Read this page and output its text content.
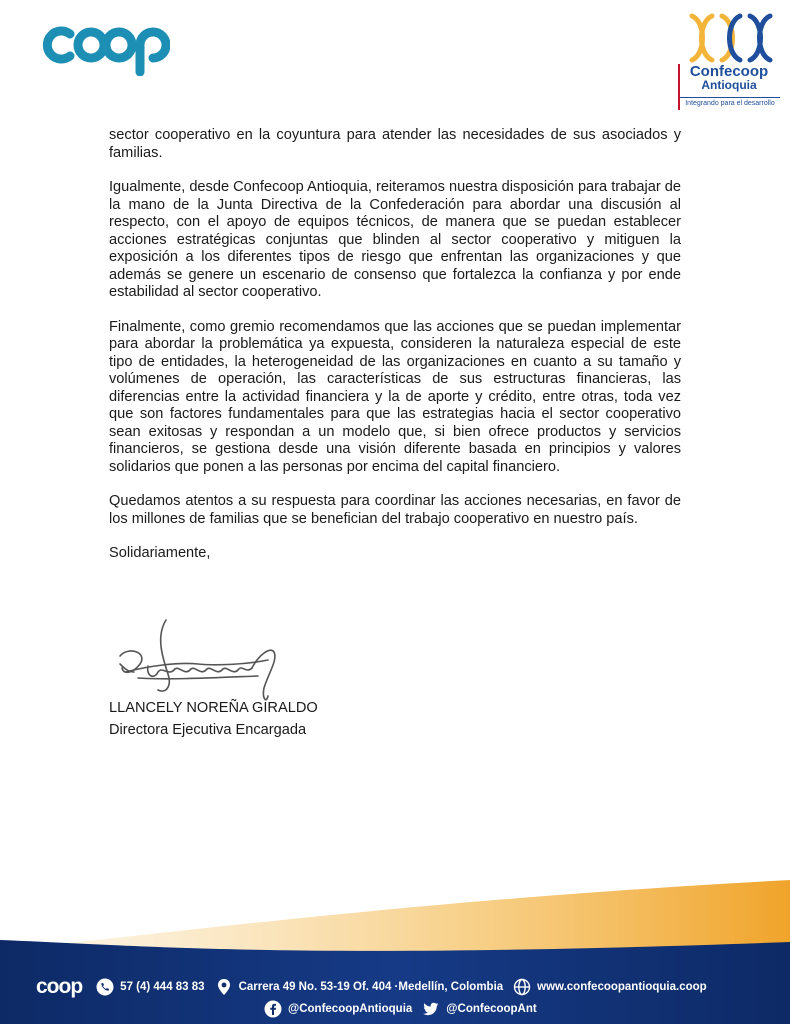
Confecoop
Antioquia
Integrando para el desarrollo

sector cooperativo en la coyuntura para atender las necesidades de sus asociados y familias.

Igualmente, desde Confecoop Antioquia, reiteramos nuestra disposición para trabajar de la mano de la Junta Directiva de la Confederación para abordar una discusión al respecto, con el apoyo de equipos técnicos, de manera que se puedan establecer acciones estratégicas conjuntas que blinden al sector cooperativo y mitiguen la exposición a los diferentes tipos de riesgo que enfrentan las organizaciones y que además se genere un escenario de consenso que fortalezca la confianza y por ende estabilidad al sector cooperativo.

Finalmente, como gremio recomendamos que las acciones que se puedan implementar para abordar la problemática ya expuesta, consideren la naturaleza especial de este tipo de entidades, la heterogeneidad de las organizaciones en cuanto a su tamaño y volúmenes de operación, las características de sus estructuras financieras, las diferencias entre la actividad financiera y la de aporte y crédito, entre otras, toda vez que son factores fundamentales para que las estrategias hacia el sector cooperativo sean exitosas y respondan a un modelo que, si bien ofrece productos y servicios financieros, se gestiona desde una visión diferente basada en principios y valores solidarios que ponen a las personas por encima del capital financiero.

Quedamos atentos a su respuesta para coordinar las acciones necesarias, en favor de los millones de familias que se benefician del trabajo cooperativo en nuestro país.

Solidariamente,

LLANCELY NOREÑA GIRALDO
Directora Ejecutiva Encargada
coop	57 (4) 444 83 83	Carrera 49 No. 53-19 Of. 404 ·Medellín, Colombia	www.confecoopantioquia.coop
@ConfecoopAntioquia	@ConfecoopAnt
